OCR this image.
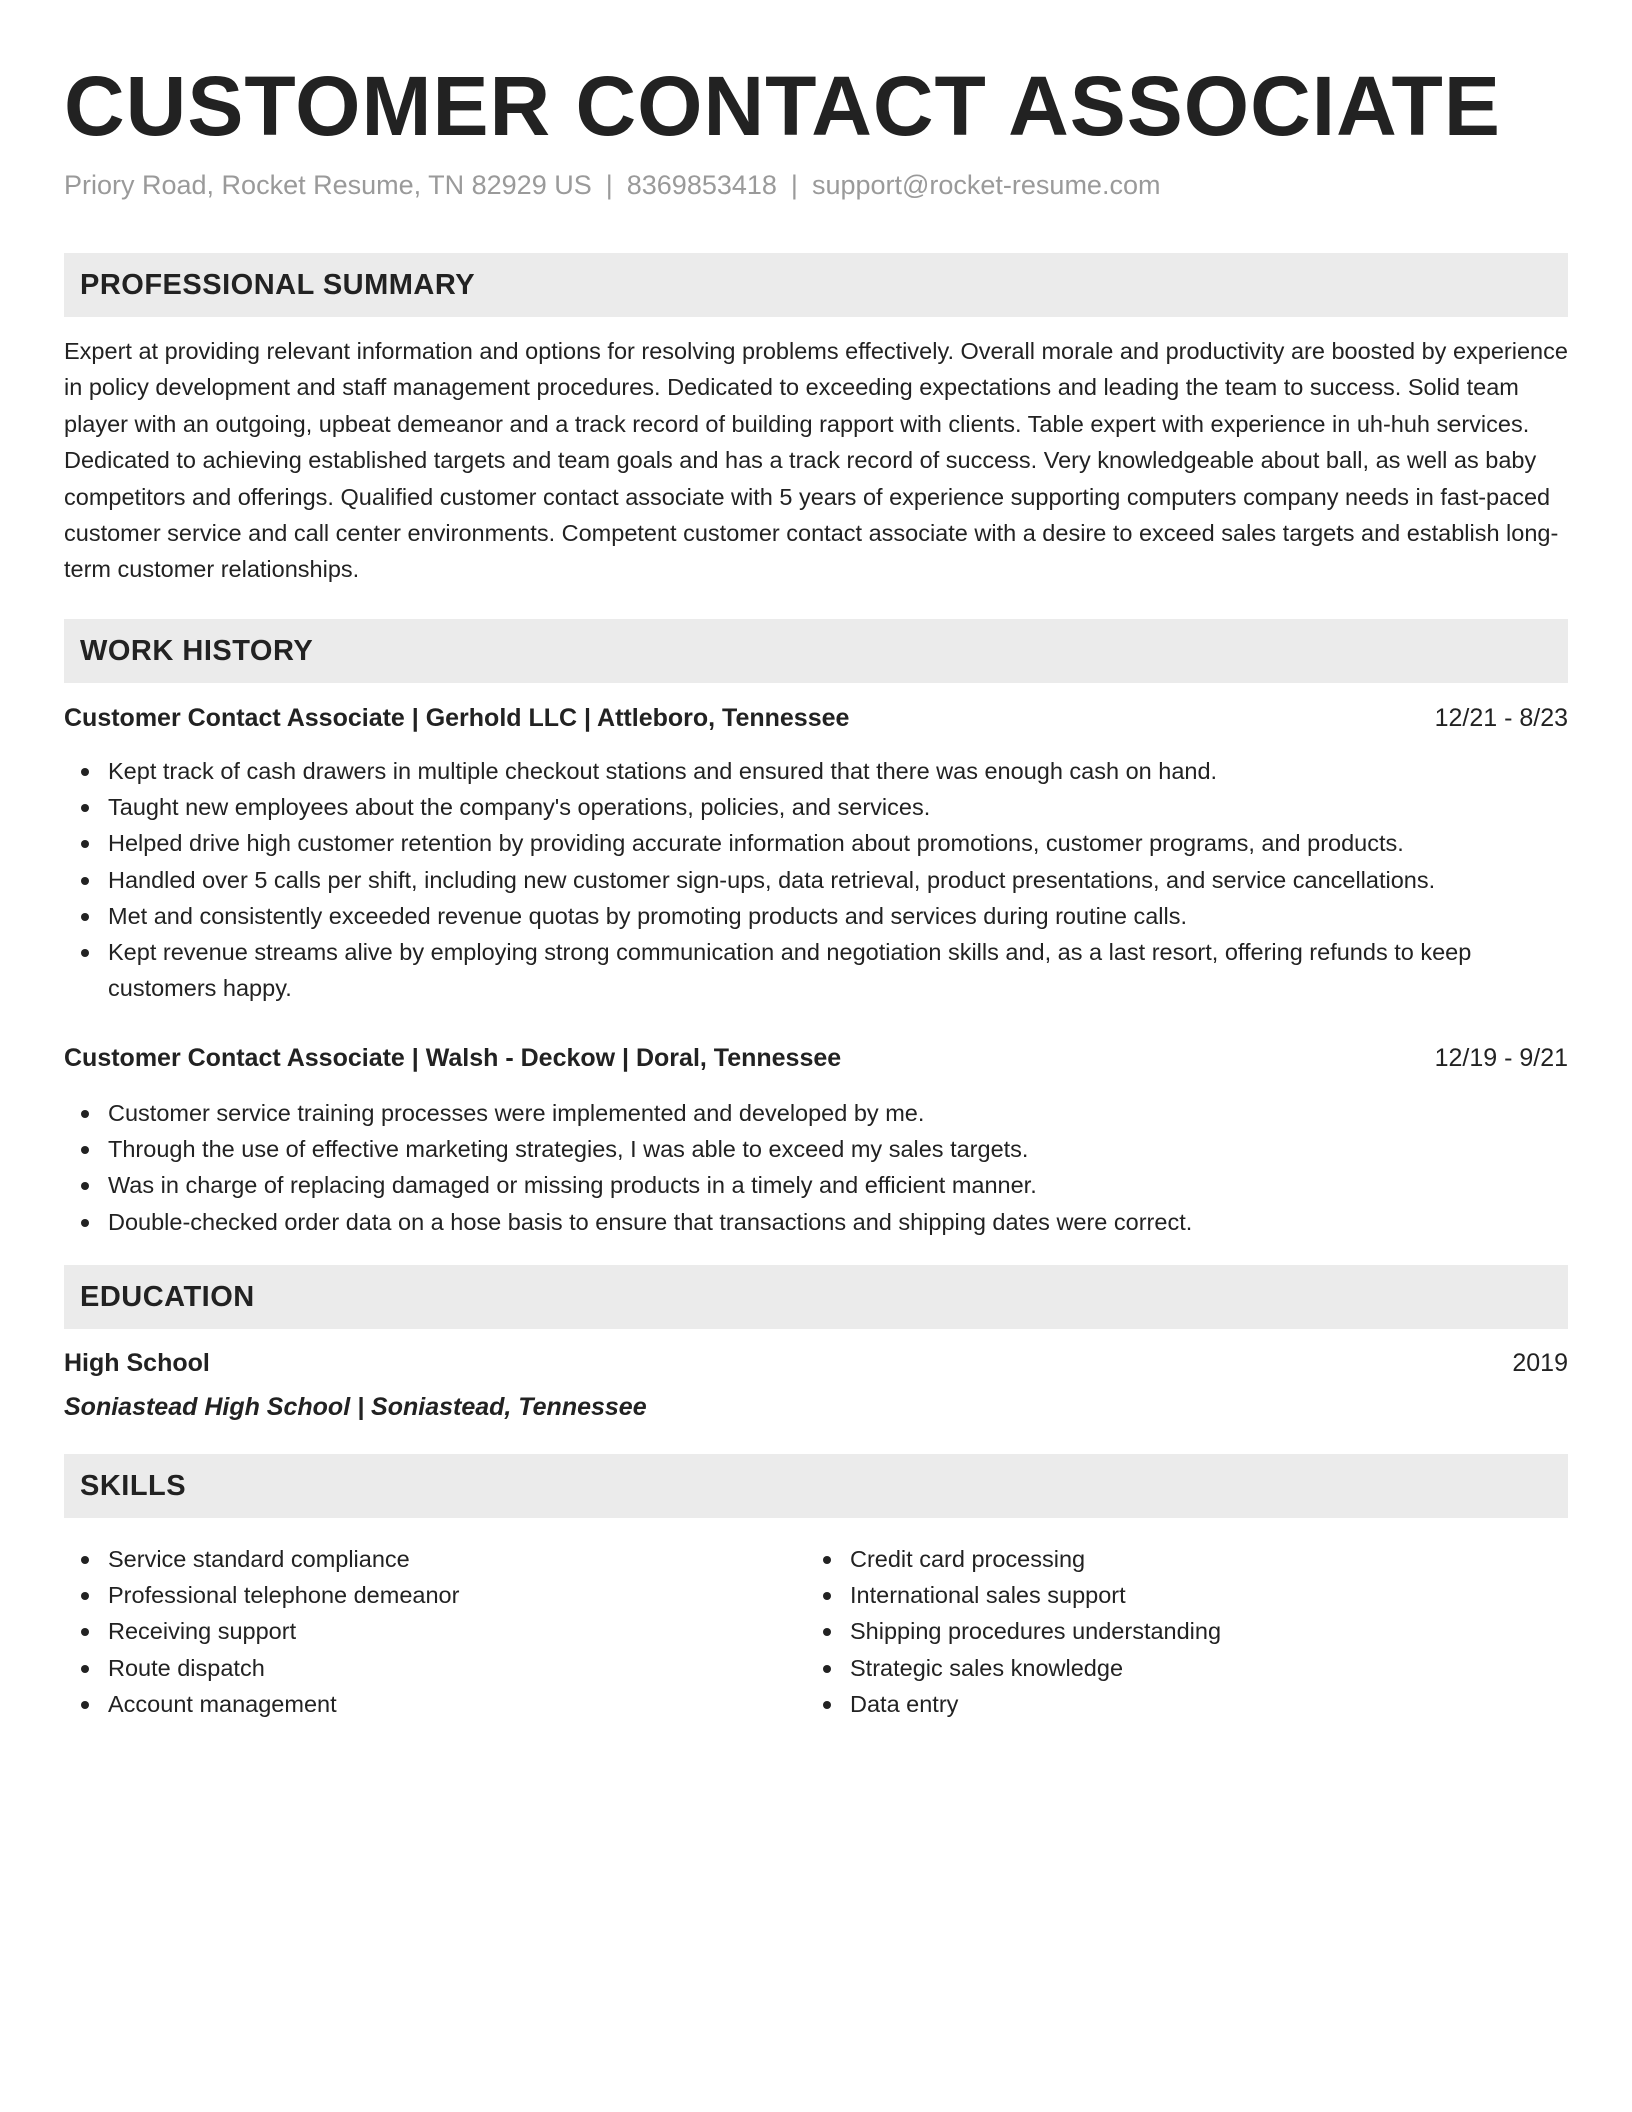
CUSTOMER CONTACT ASSOCIATE
Priory Road, Rocket Resume, TN 82929 US | 8369853418 | support@rocket-resume.com
PROFESSIONAL SUMMARY

Expert at providing relevant information and options for resolving problems effectively. Overall morale and productivity are boosted by experience in policy development and staff management procedures. Dedicated to exceeding expectations and leading the team to success. Solid team player with an outgoing, upbeat demeanor and a track record of building rapport with clients. Table expert with experience in uh-huh services. Dedicated to achieving established targets and team goals and has a track record of success. Very knowledgeable about ball, as well as baby competitors and offerings. Qualified customer contact associate with 5 years of experience supporting computers company needs in fast-paced customer service and call center environments. Competent customer contact associate with a desire to exceed sales targets and establish long-term customer relationships.

WORK HISTORY
Customer Contact Associate | Gerhold LLC | Attleboro, Tennessee	12/21 - 8/23
Kept track of cash drawers in multiple checkout stations and ensured that there was enough cash on hand.
Taught new employees about the company's operations, policies, and services.
Helped drive high customer retention by providing accurate information about promotions, customer programs, and products.
Handled over 5 calls per shift, including new customer sign-ups, data retrieval, product presentations, and service cancellations.
Met and consistently exceeded revenue quotas by promoting products and services during routine calls.
Kept revenue streams alive by employing strong communication and negotiation skills and, as a last resort, offering refunds to keep customers happy.
Customer Contact Associate | Walsh - Deckow | Doral, Tennessee	12/19 - 9/21
Customer service training processes were implemented and developed by me.
Through the use of effective marketing strategies, I was able to exceed my sales targets.
Was in charge of replacing damaged or missing products in a timely and efficient manner.
Double-checked order data on a hose basis to ensure that transactions and shipping dates were correct.
EDUCATION
High School	2019
Soniastead High School | Soniastead, Tennessee
SKILLS
Service standard compliance
Professional telephone demeanor
Receiving support
Route dispatch
Account management
Credit card processing
International sales support
Shipping procedures understanding
Strategic sales knowledge
Data entry
